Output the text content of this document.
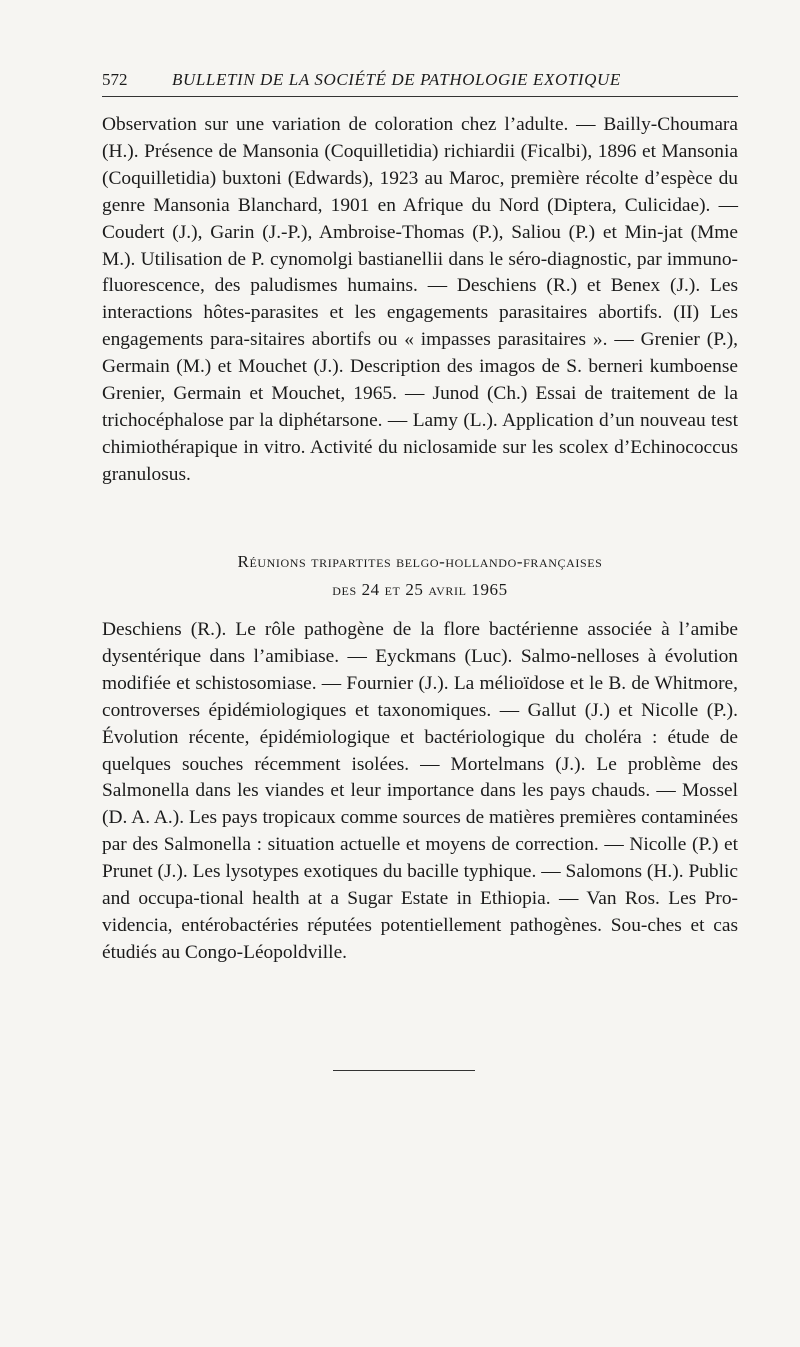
572	BULLETIN DE LA SOCIÉTÉ DE PATHOLOGIE EXOTIQUE

Observation sur une variation de coloration chez l’adulte. — Bailly-Choumara (H.). Présence de Mansonia (Coquilletidia) richiardii (Ficalbi), 1896 et Mansonia (Coquilletidia) buxtoni (Edwards), 1923 au Maroc, première récolte d’espèce du genre Mansonia Blanchard, 1901 en Afrique du Nord (Diptera, Culicidae). — Coudert (J.), Garin (J.-P.), Ambroise-Thomas (P.), Saliou (P.) et Min-jat (Mme M.). Utilisation de P. cynomolgi bastianellii dans le séro-diagnostic, par immuno-fluorescence, des paludismes humains. — Deschiens (R.) et Benex (J.). Les interactions hôtes-parasites et les engagements parasitaires abortifs. (II) Les engagements para-sitaires abortifs ou « impasses parasitaires ». — Grenier (P.), Germain (M.) et Mouchet (J.). Description des imagos de S. berneri kumboense Grenier, Germain et Mouchet, 1965. — Junod (Ch.) Essai de traitement de la trichocéphalose par la diphétarsone. — Lamy (L.). Application d’un nouveau test chimiothérapique in vitro. Activité du niclosamide sur les scolex d’Echinococcus granulosus.

Réunions tripartites belgo-hollando-françaises
des 24 et 25 avril 1965

Deschiens (R.). Le rôle pathogène de la flore bactérienne associée à l’amibe dysentérique dans l’amibiase. — Eyckmans (Luc). Salmo-nelloses à évolution modifiée et schistosomiase. — Fournier (J.). La mélioïdose et le B. de Whitmore, controverses épidémiologiques et taxonomiques. — Gallut (J.) et Nicolle (P.). Évolution récente, épidémiologique et bactériologique du choléra : étude de quelques souches récemment isolées. — Mortelmans (J.). Le problème des Salmonella dans les viandes et leur importance dans les pays chauds. — Mossel (D. A. A.). Les pays tropicaux comme sources de matières premières contaminées par des Salmonella : situation actuelle et moyens de correction. — Nicolle (P.) et Prunet (J.). Les lysotypes exotiques du bacille typhique. — Salomons (H.). Public and occupa-tional health at a Sugar Estate in Ethiopia. — Van Ros. Les Pro-videncia, entérobactéries réputées potentiellement pathogènes. Sou-ches et cas étudiés au Congo-Léopoldville.
